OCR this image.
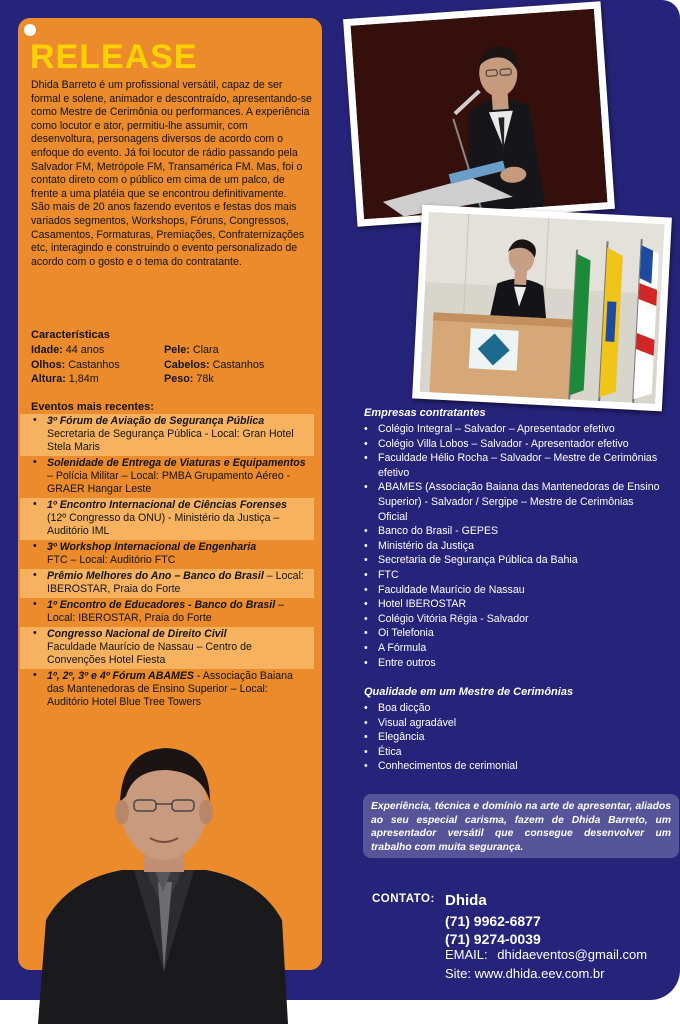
RELEASE

Dhida Barreto é um profissional versátil, capaz de ser formal e solene, animador e descontraído, apresentando-se como Mestre de Cerimônia ou performances. A experiência como locutor e ator, permitiu-lhe assumir, com desenvoltura, personagens diversos de acordo com o enfoque do evento. Já foi locutor de rádio passando pela Salvador FM, Metrópole FM, Transamérica FM. Mas, foi o contato direto com o público em cima de um palco, de frente a uma platéia que se encontrou definitivamente.

São mais de 20 anos fazendo eventos e festas dos mais variados segmentos, Workshops, Fóruns, Congressos, Casamentos, Formaturas, Premiações, Confraternizações etc, interagindo e construindo o evento personalizado de acordo com o gosto e o tema do contratante.

Características
Idade: 44 anos	Pele: Clara
Olhos: Castanhos	Cabelos: Castanhos
Altura: 1,84m	Peso: 78k
Eventos mais recentes:
• 3º Fórum de Aviação de Segurança Pública
Secretaria de Segurança Pública - Local: Gran Hotel Stela Maris
• Solenidade de Entrega de Viaturas e Equipamentos – Polícia Militar – Local: PMBA Grupamento Aéreo - GRAER Hangar Leste
• 1º Encontro Internacional de Ciências Forenses
(12º Congresso da ONU) - Ministério da Justiça – Auditório IML
• 3º Workshop Internacional de Engenharia
FTC – Local: Auditório FTC
• Prêmio Melhores do Ano – Banco do Brasil – Local: IBEROSTAR, Praia do Forte
• 1º Encontro de Educadores - Banco do Brasil – Local: IBEROSTAR, Praia do Forte
• Congresso Nacional de Direito Civil
Faculdade Maurício de Nassau – Centro de Convenções Hotel Fiesta
• 1º, 2º, 3º e 4º Fórum ABAMES - Associação Baiana das Mantenedoras de Ensino Superior – Local: Auditório Hotel Blue Tree Towers
Empresas contratantes
• Colégio Integral – Salvador – Apresentador efetivo
• Colégio Villa Lobos – Salvador - Apresentador efetivo
• Faculdade Hélio Rocha – Salvador – Mestre de Cerimônias efetivo
• ABAMES (Associação Baiana das Mantenedoras de Ensino Superior) - Salvador / Sergipe – Mestre de Cerimônias Oficial
• Banco do Brasil - GEPES
• Ministério da Justiça
• Secretaria de Segurança Pública da Bahia
• FTC
• Faculdade Maurício de Nassau
• Hotel IBEROSTAR
• Colégio Vitória Régia - Salvador
• Oi Telefonia
• A Fórmula
• Entre outros
Qualidade em um Mestre de Cerimônias
• Boa dicção
• Visual agradável
• Elegância
• Ética
• Conhecimentos de cerimonial
Experiência, técnica e domínio na arte de apresentar, aliados ao seu especial carisma, fazem de Dhida Barreto, um apresentador versátil que consegue desenvolver um trabalho com muita segurança.
CONTATO: Dhida
(71) 9962-6877
(71) 9274-0039
EMAIL: dhidaeventos@gmail.com
Site: www.dhida.eev.com.br
